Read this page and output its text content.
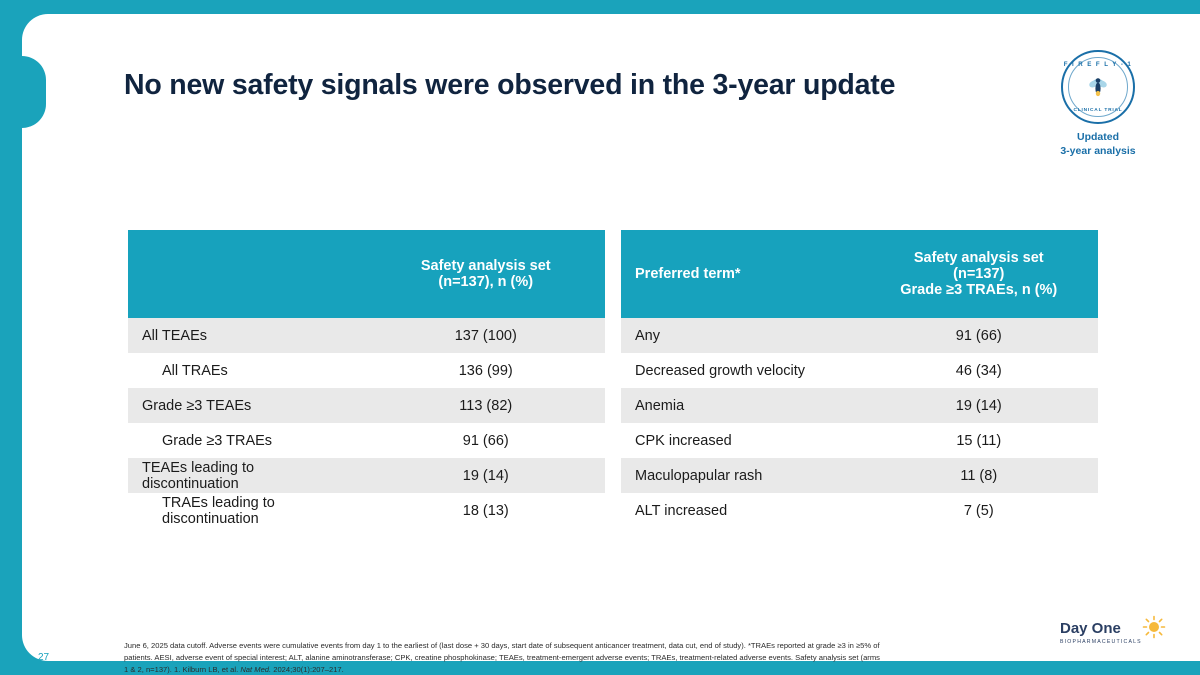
No new safety signals were observed in the 3-year update
F I R E F L Y - 1
CLINICAL TRIAL
Updated
3-year analysis

	Safety analysis set
(n=137), n (%)

All TEAEs	137 (100)
All TRAEs	136 (99)
Grade ≥3 TEAEs	113 (82)
Grade ≥3 TRAEs	91 (66)
TEAEs leading to discontinuation	19 (14)
TRAEs leading to discontinuation	18 (13)
Preferred term*	Safety analysis set
(n=137)
Grade ≥3 TRAEs, n (%)

Any	91 (66)
Decreased growth velocity	46 (34)
Anemia	19 (14)
CPK increased	15 (11)
Maculopapular rash	11 (8)
ALT increased	7 (5)
June 6, 2025 data cutoff. Adverse events were cumulative events from day 1 to the earliest of (last dose + 30 days, start date of subsequent anticancer treatment, data cut, end of study). *TRAEs reported at grade ≥3 in ≥5% of
patients. AESI, adverse event of special interest; ALT, alanine aminotransferase; CPK, creatine phosphokinase; TEAEs, treatment-emergent adverse events; TRAEs, treatment-related adverse events. Safety analysis set (arms
1 & 2, n=137). 1. Kilburn LB, et al. Nat Med. 2024;30(1):207–217.
Day One
BIOPHARMACEUTICALS
27
